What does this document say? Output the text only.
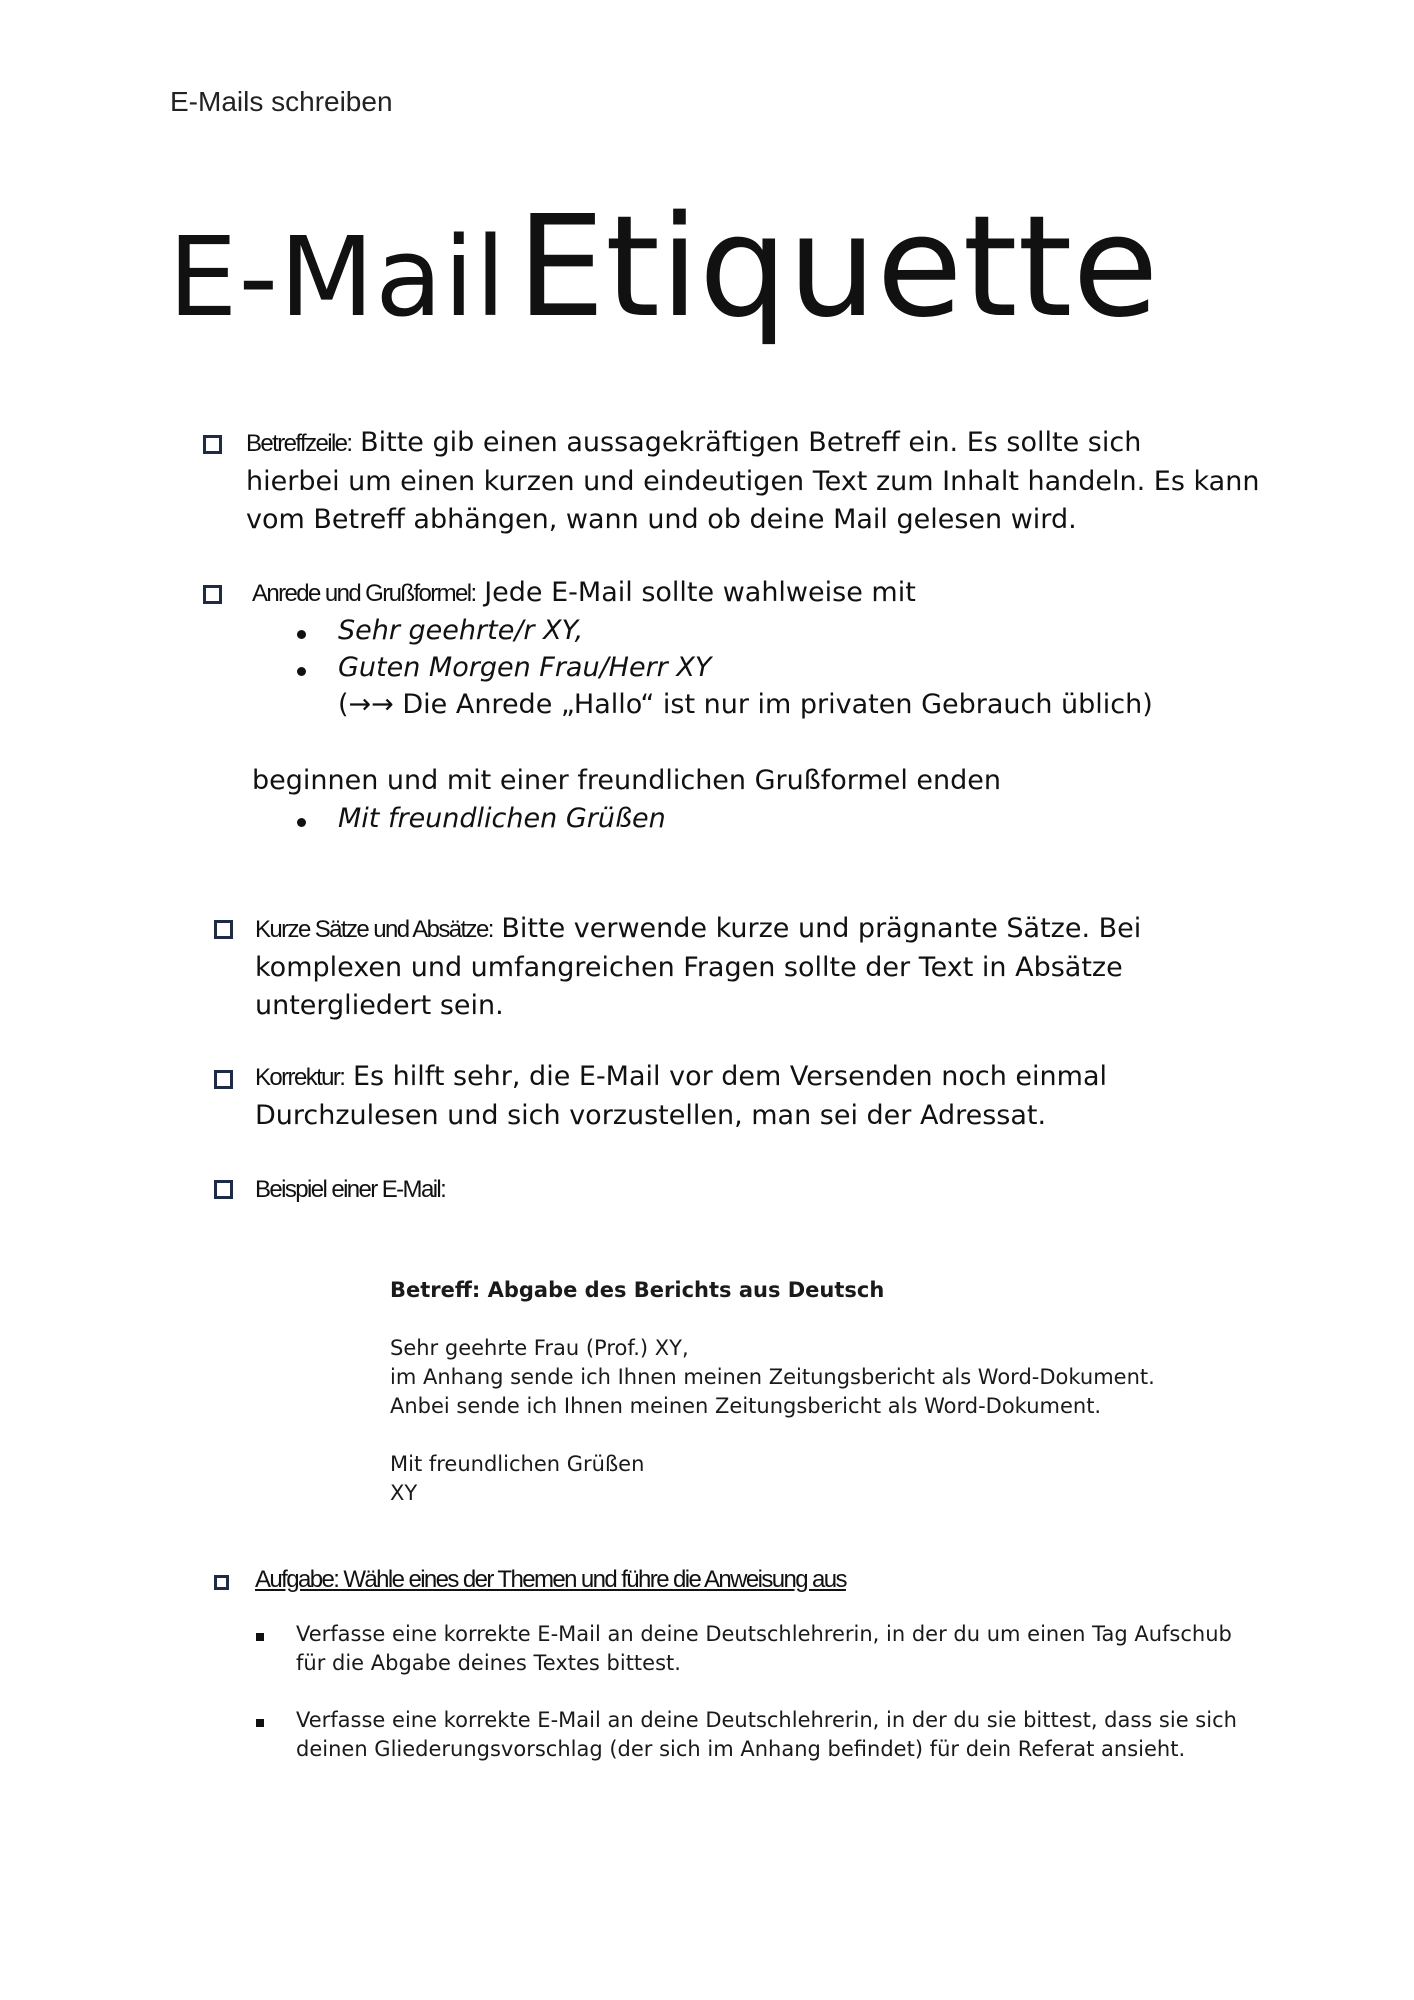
E-Mails schreiben
E-MailEtiquette
Betreffzeile: Bitte gib einen aussagekräftigen Betreff ein. Es sollte sich
hierbei um einen kurzen und eindeutigen Text zum Inhalt handeln. Es kann
vom Betreff abhängen, wann und ob deine Mail gelesen wird.
Anrede und Grußformel: Jede E-Mail sollte wahlweise mit
Sehr geehrte/r XY,
Guten Morgen Frau/Herr XY
(→→ Die Anrede „Hallo“ ist nur im privaten Gebrauch üblich)
beginnen und mit einer freundlichen Grußformel enden
Mit freundlichen Grüßen
Kurze Sätze und Absätze: Bitte verwende kurze und prägnante Sätze. Bei
komplexen und umfangreichen Fragen sollte der Text in Absätze
untergliedert sein.
Korrektur: Es hilft sehr, die E-Mail vor dem Versenden noch einmal
Durchzulesen und sich vorzustellen, man sei der Adressat.
Beispiel einer E-Mail:

Betreff: Abgabe des Berichts aus Deutsch

Sehr geehrte Frau (Prof.) XY,

im Anhang sende ich Ihnen meinen Zeitungsbericht als Word-Dokument.

Anbei sende ich Ihnen meinen Zeitungsbericht als Word-Dokument.

Mit freundlichen Grüßen

XY

Aufgabe: Wähle eines der Themen und führe die Anweisung aus
Verfasse eine korrekte E-Mail an deine Deutschlehrerin, in der du um einen Tag Aufschub
für die Abgabe deines Textes bittest.
Verfasse eine korrekte E-Mail an deine Deutschlehrerin, in der du sie bittest, dass sie sich
deinen Gliederungsvorschlag (der sich im Anhang befindet) für dein Referat ansieht.
